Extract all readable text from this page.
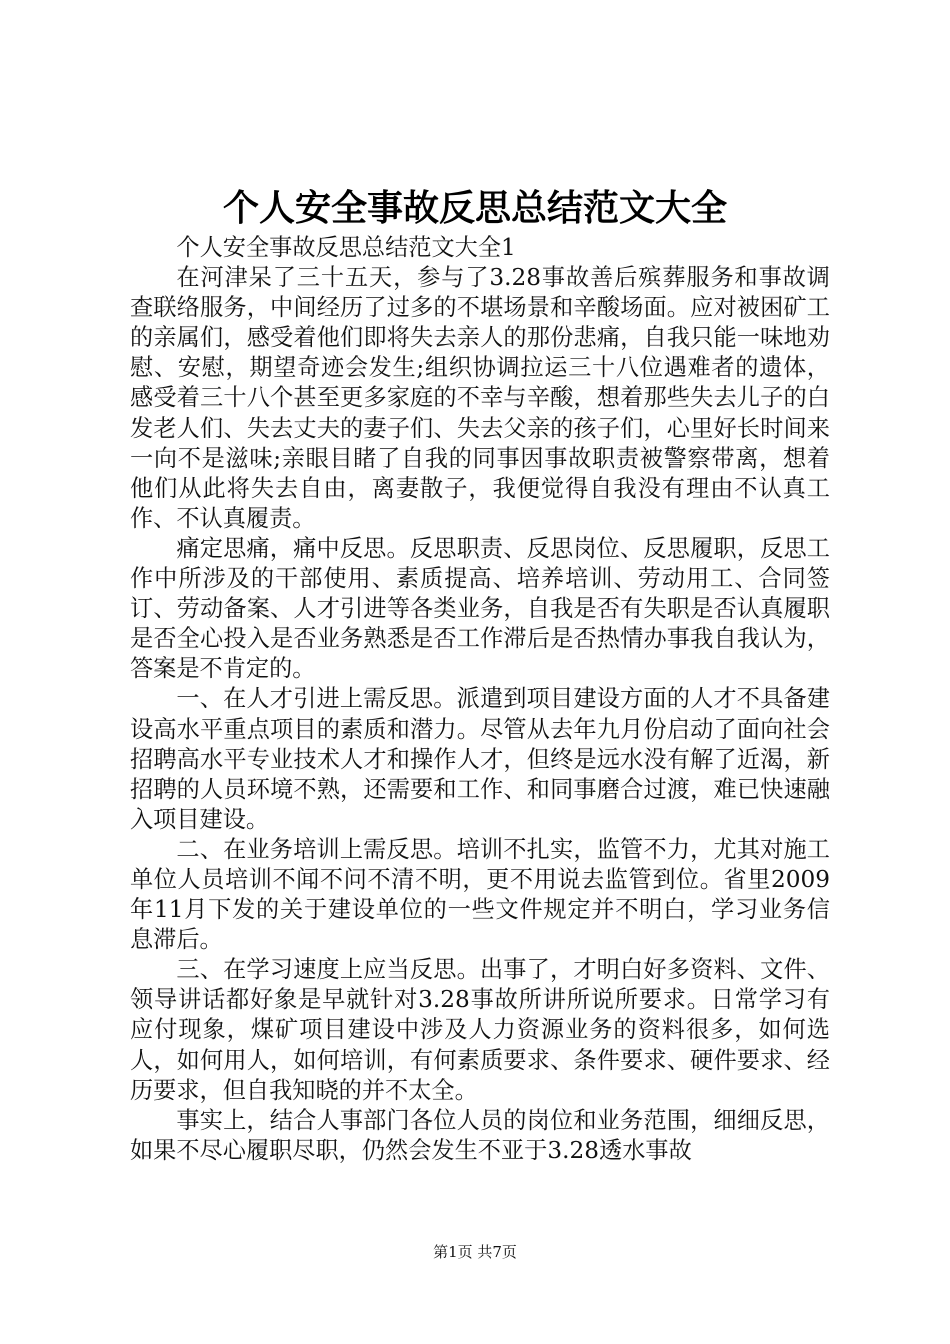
个人安全事故反思总结范文大全

个人安全事故反思总结范文大全1

在河津呆了三十五天，参与了3.28事故善后殡葬服务和事故调查联络服务，中间经历了过多的不堪场景和辛酸场面。应对被困矿工的亲属们，感受着他们即将失去亲人的那份悲痛，自我只能一味地劝慰、安慰，期望奇迹会发生;组织协调拉运三十八位遇难者的遗体，感受着三十八个甚至更多家庭的不幸与辛酸，想着那些失去儿子的白发老人们、失去丈夫的妻子们、失去父亲的孩子们，心里好长时间来一向不是滋味;亲眼目睹了自我的同事因事故职责被警察带离，想着他们从此将失去自由，离妻散子，我便觉得自我没有理由不认真工作、不认真履责。

痛定思痛，痛中反思。反思职责、反思岗位、反思履职，反思工作中所涉及的干部使用、素质提高、培养培训、劳动用工、合同签订、劳动备案、人才引进等各类业务，自我是否有失职是否认真履职是否全心投入是否业务熟悉是否工作滞后是否热情办事我自我认为，答案是不肯定的。

一、在人才引进上需反思。派遣到项目建设方面的人才不具备建设高水平重点项目的素质和潜力。尽管从去年九月份启动了面向社会招聘高水平专业技术人才和操作人才，但终是远水没有解了近渴，新招聘的人员环境不熟，还需要和工作、和同事磨合过渡，难已快速融入项目建设。

二、在业务培训上需反思。培训不扎实，监管不力，尤其对施工单位人员培训不闻不问不清不明，更不用说去监管到位。省里2009年11月下发的关于建设单位的一些文件规定并不明白，学习业务信息滞后。

三、在学习速度上应当反思。出事了，才明白好多资料、文件、领导讲话都好象是早就针对3.28事故所讲所说所要求。日常学习有应付现象，煤矿项目建设中涉及人力资源业务的资料很多，如何选人，如何用人，如何培训，有何素质要求、条件要求、硬件要求、经历要求，但自我知晓的并不太全。

事实上，结合人事部门各位人员的岗位和业务范围，细细反思，如果不尽心履职尽职，仍然会发生不亚于3.28透水事故

第1页 共7页
